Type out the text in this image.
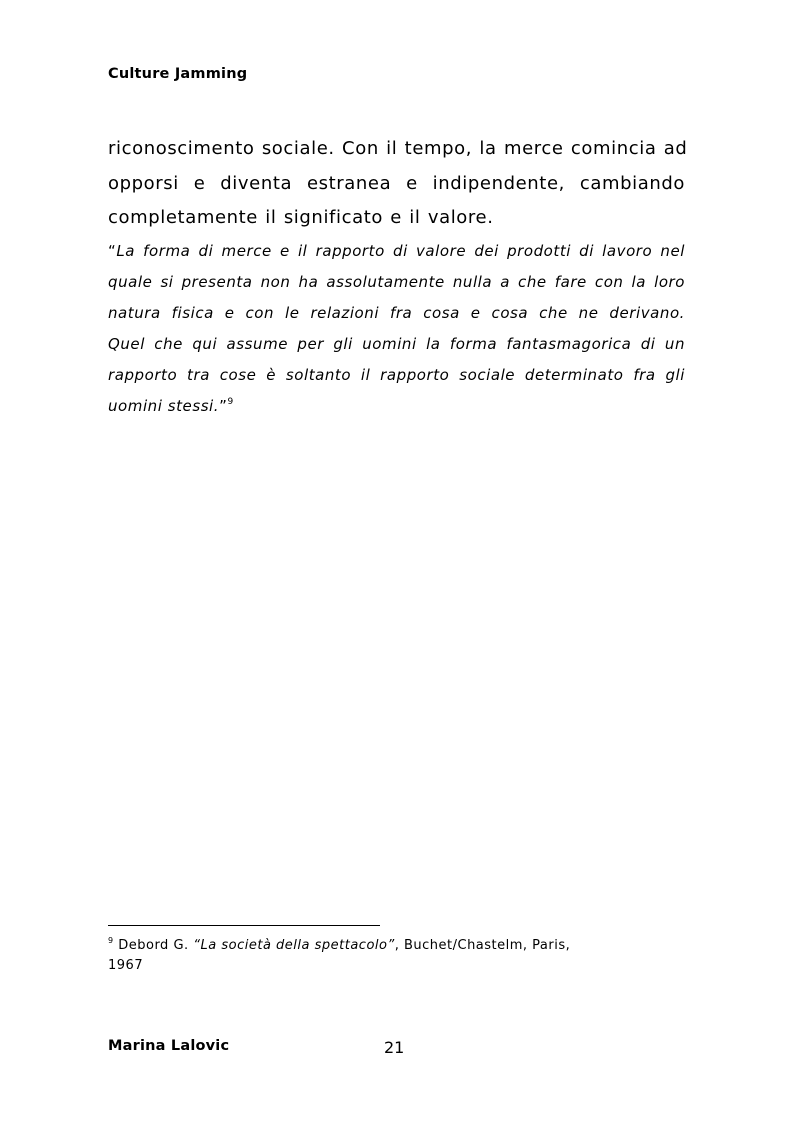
Culture Jamming
riconoscimento sociale. Con il tempo, la merce comincia ad
opporsi e diventa estranea e indipendente, cambiando
completamente il significato e il valore.
“La forma di merce e il rapporto di valore dei prodotti di lavoro nel
quale si presenta non ha assolutamente nulla a che fare con la loro
natura fisica e con le relazioni fra cosa e cosa che ne derivano.
Quel che qui assume per gli uomini la forma fantasmagorica di un
rapporto tra cose è soltanto il rapporto sociale determinato fra gli
uomini stessi.”$^9$
$^9$ Debord G. “La società della spettacolo”, Buchet/Chastelm, Paris,
1967
Marina Lalovic	21
